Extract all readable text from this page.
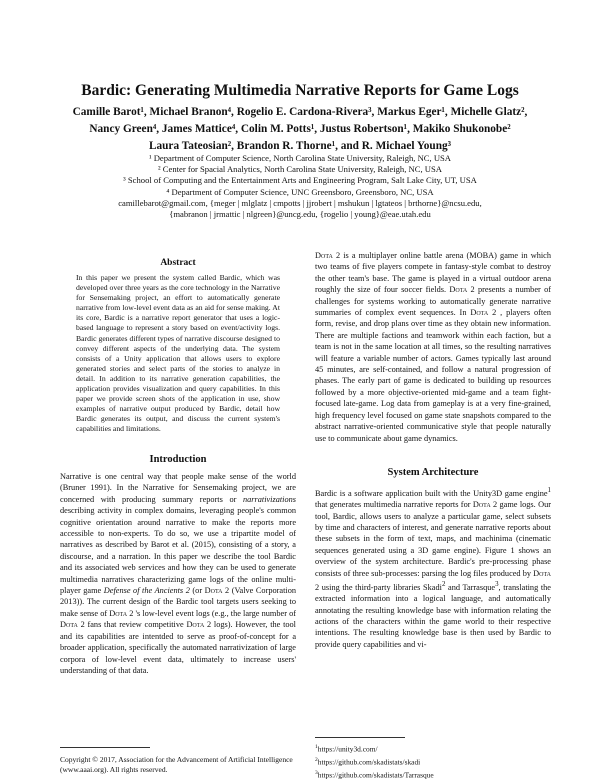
Bardic: Generating Multimedia Narrative Reports for Game Logs
Camille Barot¹, Michael Branon⁴, Rogelio E. Cardona-Rivera³, Markus Eger¹, Michelle Glatz²,
Nancy Green⁴, James Mattice⁴, Colin M. Potts¹, Justus Robertson¹, Makiko Shukonobe²
Laura Tateosian², Brandon R. Thorne¹, and R. Michael Young³
¹ Department of Computer Science, North Carolina State University, Raleigh, NC, USA
² Center for Spacial Analytics, North Carolina State University, Raleigh, NC, USA
³ School of Computing and the Entertainment Arts and Engineering Program, Salt Lake City, UT, USA
⁴ Department of Computer Science, UNC Greensboro, Greensboro, NC, USA
camillebarot@gmail.com, {meger | mlglatz | cmpotts | jjrobert | mshukun | lgtateos | brthorne}@ncsu.edu,
{mabranon | jrmattic | nlgreen}@uncg.edu, {rogelio | young}@eae.utah.edu
Abstract
In this paper we present the system called Bardic, which was developed over three years as the core technology in the Narrative for Sensemaking project, an effort to automatically generate narrative from low-level event data as an aid for sense making. At its core, Bardic is a narrative report generator that uses a logic-based language to represent a story based on event/activity logs. Bardic generates different types of narrative discourse designed to convey different aspects of the underlying data. The system consists of a Unity application that allows users to explore generated stories and select parts of the stories to analyze in detail. In addition to its narrative generation capabilities, the application provides visualization and query capabilities. In this paper we provide screen shots of the application in use, show examples of narrative output produced by Bardic, detail how Bardic generates its output, and discuss the current system's capabilities and limitations.
Introduction

Narrative is one central way that people make sense of the world (Bruner 1991). In the Narrative for Sensemaking project, we are concerned with producing summary reports or narrativizations describing activity in complex domains, leveraging people's common cognitive orientation around narrative to make the reports more accessible to non-experts. To do so, we use a tripartite model of narratives as described by Barot et al. (2015), consisting of a story, a discourse, and a narration. In this paper we describe the tool Bardic and its associated web services and how they can be used to generate multimedia narratives characterizing game logs of the online multi-player game Defense of the Ancients 2 (or Dota 2 (Valve Corporation 2013)). The current design of the Bardic tool targets users seeking to make sense of Dota 2 's low-level event logs (e.g., the large number of Dota 2 fans that review competitive Dota 2 logs). However, the tool and its capabilities are intentded to serve as proof-of-concept for a broader application, specifically the automated narrativization of large corpora of low-level event data, ultimately to increase users' understanding of that data.

Copyright © 2017, Association for the Advancement of Artificial Intelligence (www.aaai.org). All rights reserved.

Dota 2 is a multiplayer online battle arena (MOBA) game in which two teams of five players compete in fantasy-style combat to destroy the other team's base. The game is played in a virtual outdoor arena roughly the size of four soccer fields. Dota 2 presents a number of challenges for systems working to automatically generate narrative summaries of complex event sequences. In Dota 2 , players often form, revise, and drop plans over time as they obtain new information. There are multiple factions and teamwork within each faction, but a team is not in the same location at all times, so the resulting narratives will feature a variable number of actors. Games typically last around 45 minutes, are self-contained, and follow a natural progression of phases. The early part of game is dedicated to building up resources followed by a more objective-oriented mid-game and a team fight-focused late-game. Log data from gameplay is at a very fine-grained, high frequency level focused on game state snapshots compared to the abstract narrative-oriented communicative style that people naturally use to communicate about game dynamics.

System Architecture

Bardic is a software application built with the Unity3D game engine$^1$ that generates multimedia narrative reports for Dota 2 game logs. Our tool, Bardic, allows users to analyze a particular game, select subsets by time and characters of interest, and generate narrative reports about these subsets in the form of text, maps, and machinima (cinematic sequences generated using a 3D game engine). Figure 1 shows an overview of the system architecture. Bardic's pre-processing phase consists of three sub-processes: parsing the log files produced by Dota 2 using the third-party libraries Skadi$^2$ and Tarrasque$^3$, translating the extracted information into a logical language, and automatically annotating the resulting knowledge base with information relating the actions of the characters within the game world to their respective intentions. The resulting knowledge base is then used by Bardic to provide query capabilities and vi-

$^1$https://unity3d.com/
$^2$https://github.com/skadistats/skadi
$^3$https://github.com/skadistats/Tarrasque
